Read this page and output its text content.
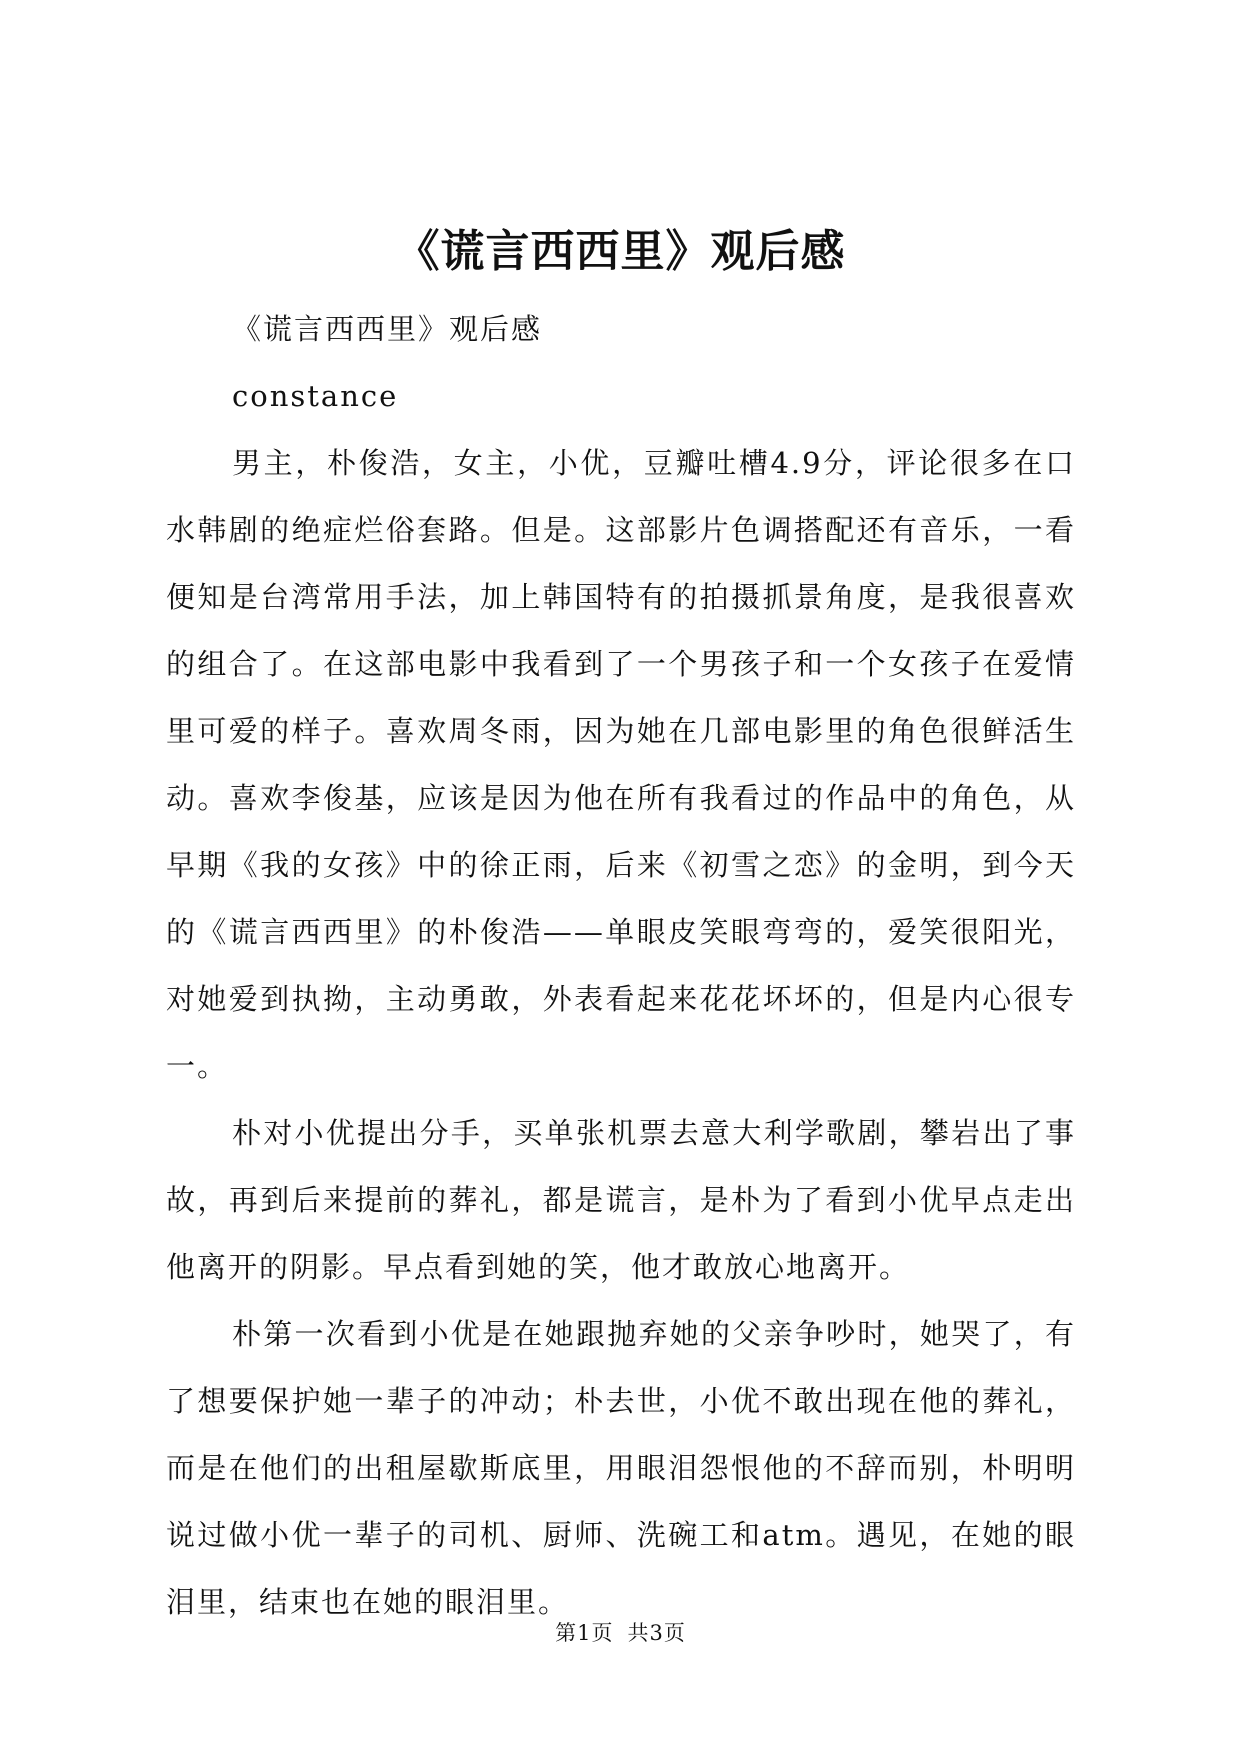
《谎言西西里》观后感

《谎言西西里》观后感

constance

男主，朴俊浩，女主，小优，豆瓣吐槽4.9分，评论很多在口水韩剧的绝症烂俗套路。但是。这部影片色调搭配还有音乐，一看便知是台湾常用手法，加上韩国特有的拍摄抓景角度，是我很喜欢的组合了。在这部电影中我看到了一个男孩子和一个女孩子在爱情里可爱的样子。喜欢周冬雨，因为她在几部电影里的角色很鲜活生动。喜欢李俊基，应该是因为他在所有我看过的作品中的角色，从早期《我的女孩》中的徐正雨，后来《初雪之恋》的金明，到今天的《谎言西西里》的朴俊浩——单眼皮笑眼弯弯的，爱笑很阳光，对她爱到执拗，主动勇敢，外表看起来花花坏坏的，但是内心很专一。

朴对小优提出分手，买单张机票去意大利学歌剧，攀岩出了事故，再到后来提前的葬礼，都是谎言，是朴为了看到小优早点走出他离开的阴影。早点看到她的笑，他才敢放心地离开。

朴第一次看到小优是在她跟抛弃她的父亲争吵时，她哭了，有了想要保护她一辈子的冲动；朴去世，小优不敢出现在他的葬礼，而是在他们的出租屋歇斯底里，用眼泪怨恨他的不辞而别，朴明明说过做小优一辈子的司机、厨师、洗碗工和atm。遇见，在她的眼泪里，结束也在她的眼泪里。

第1页 共3页
